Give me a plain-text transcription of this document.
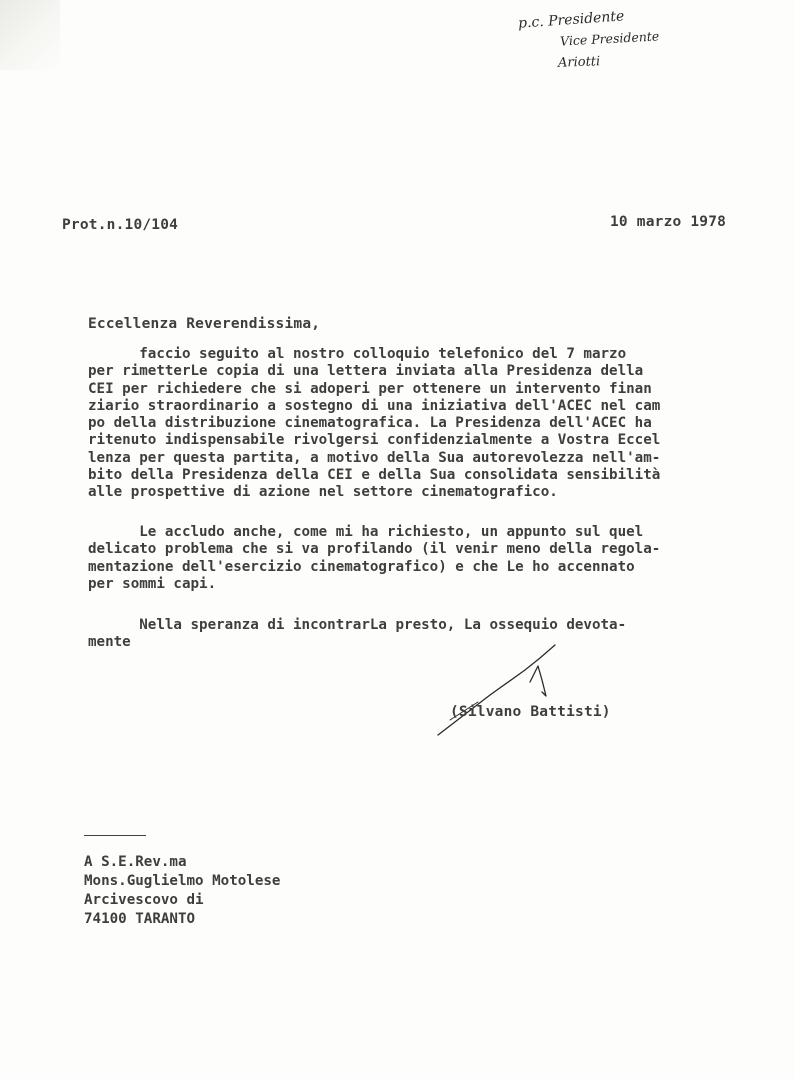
p.c. Presidente
Vice Presidente
Ariotti
Prot.n.10/104	10 marzo 1978
Eccellenza Reverendissima,
faccio seguito al nostro colloquio telefonico del 7 marzo
per rimetterLe copia di una lettera inviata alla Presidenza della
CEI per richiedere che si adoperi per ottenere un intervento finan
ziario straordinario a sostegno di una iniziativa dell'ACEC nel cam
po della distribuzione cinematografica. La Presidenza dell'ACEC ha
ritenuto indispensabile rivolgersi confidenzialmente a Vostra Eccel
lenza per questa partita, a motivo della Sua autorevolezza nell'am-
bito della Presidenza della CEI e della Sua consolidata sensibilità
alle prospettive di azione nel settore cinematografico.
Le accludo anche, come mi ha richiesto, un appunto sul quel
delicato problema che si va profilando (il venir meno della regola-
mentazione dell'esercizio cinematografico) e che Le ho accennato
per sommi capi.
Nella speranza di incontrarLa presto, La ossequio devota-
mente
(Silvano Battisti)
A S.E.Rev.ma
Mons.Guglielmo Motolese
Arcivescovo di
74100 TARANTO
